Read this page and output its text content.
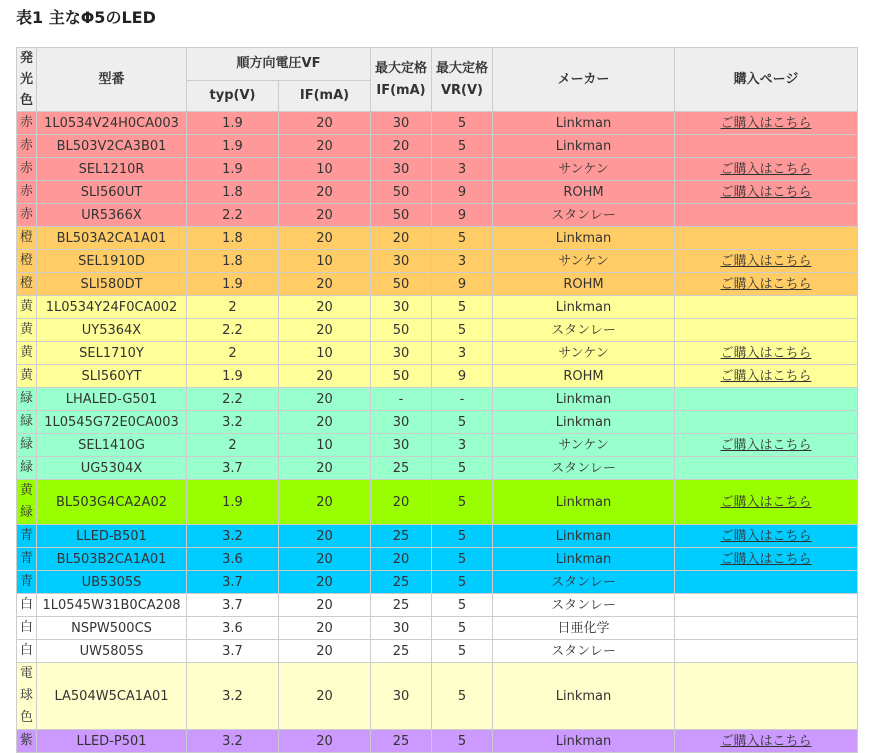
表1 主なΦ5のLED
発光色	型番	順方向電圧VF		最大定格IF(mA)	最大定格VR(V)	メーカー	購入ページ
		typ(V)	IF(mA)				
赤	1L0534V24H0CA003	1.9	20	30	5	Linkman	ご購入はこちら
赤	BL503V2CA3B01	1.9	20	20	5	Linkman	
赤	SEL1210R	1.9	10	30	3	サンケン	ご購入はこちら
赤	SLI560UT	1.8	20	50	9	ROHM	ご購入はこちら
赤	UR5366X	2.2	20	50	9	スタンレー	
橙	BL503A2CA1A01	1.8	20	20	5	Linkman	
橙	SEL1910D	1.8	10	30	3	サンケン	ご購入はこちら
橙	SLI580DT	1.9	20	50	9	ROHM	ご購入はこちら
黄	1L0534Y24F0CA002	2	20	30	5	Linkman	
黄	UY5364X	2.2	20	50	5	スタンレー	
黄	SEL1710Y	2	10	30	3	サンケン	ご購入はこちら
黄	SLI560YT	1.9	20	50	9	ROHM	ご購入はこちら
緑	LHALED-G501	2.2	20	-	-	Linkman	
緑	1L0545G72E0CA003	3.2	20	30	5	Linkman	
緑	SEL1410G	2	10	30	3	サンケン	ご購入はこちら
緑	UG5304X	3.7	20	25	5	スタンレー	
黄緑	BL503G4CA2A02	1.9	20	20	5	Linkman	ご購入はこちら
青	LLED-B501	3.2	20	25	5	Linkman	ご購入はこちら
青	BL503B2CA1A01	3.6	20	20	5	Linkman	ご購入はこちら
青	UB5305S	3.7	20	25	5	スタンレー	
白	1L0545W31B0CA208	3.7	20	25	5	スタンレー	
白	NSPW500CS	3.6	20	30	5	日亜化学	
白	UW5805S	3.7	20	25	5	スタンレー	
電球色	LA504W5CA1A01	3.2	20	30	5	Linkman	
紫	LLED-P501	3.2	20	25	5	Linkman	ご購入はこちら
